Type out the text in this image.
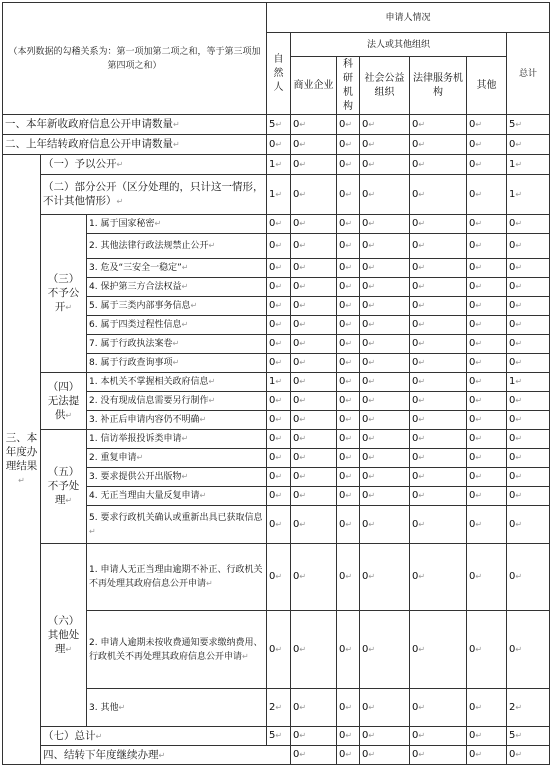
（本列数据的勾稽关系为：第一项加第二项之和，等于第三项加第四项之和）			申请人情况							
			自然人	法人或其他组织					总计	
				商业企业	科研机构	社会公益组织	法律服务机构	其他		
一、本年新收政府信息公开申请数量 ↵			5 ↵	0 ↵	0 ↵	0 ↵	0 ↵	0 ↵	5 ↵
二、上年结转政府信息公开申请数量 ↵			0 ↵	0 ↵	0 ↵	0 ↵	0 ↵	0 ↵	0 ↵
三、本年度办理结果 ↵	（一）予以公开 ↵		1 ↵	0 ↵	0 ↵	0 ↵	0 ↵	0 ↵	1 ↵
	（二）部分公开（区分处理的，只计这一情形，不计其他情形） ↵		1 ↵	0 ↵	0 ↵	0 ↵	0 ↵	0 ↵	1 ↵
	（三）不予公开 ↵	1. 属于国家秘密 ↵	0 ↵	0 ↵	0 ↵	0 ↵	0 ↵	0 ↵	0 ↵
		2. 其他法律行政法规禁止公开 ↵	0 ↵	0 ↵	0 ↵	0 ↵	0 ↵	0 ↵	0 ↵
		3. 危及“三安全一稳定” ↵	0 ↵	0 ↵	0 ↵	0 ↵	0 ↵	0 ↵	0 ↵
		4. 保护第三方合法权益 ↵	0 ↵	0 ↵	0 ↵	0 ↵	0 ↵	0 ↵	0 ↵
		5. 属于三类内部事务信息 ↵	0 ↵	0 ↵	0 ↵	0 ↵	0 ↵	0 ↵	0 ↵
		6. 属于四类过程性信息 ↵	0 ↵	0 ↵	0 ↵	0 ↵	0 ↵	0 ↵	0 ↵
		7. 属于行政执法案卷 ↵	0 ↵	0 ↵	0 ↵	0 ↵	0 ↵	0 ↵	0 ↵
		8. 属于行政查询事项 ↵	0 ↵	0 ↵	0 ↵	0 ↵	0 ↵	0 ↵	0 ↵
	（四）无法提供 ↵	1. 本机关不掌握相关政府信息 ↵	1 ↵	0 ↵	0 ↵	0 ↵	0 ↵	0 ↵	1 ↵
		2. 没有现成信息需要另行制作 ↵	0 ↵	0 ↵	0 ↵	0 ↵	0 ↵	0 ↵	0 ↵
		3. 补正后申请内容仍不明确 ↵	0 ↵	0 ↵	0 ↵	0 ↵	0 ↵	0 ↵	0 ↵
	（五）不予处理 ↵	1. 信访举报投诉类申请 ↵	0 ↵	0 ↵	0 ↵	0 ↵	0 ↵	0 ↵	0 ↵
		2. 重复申请 ↵	0 ↵	0 ↵	0 ↵	0 ↵	0 ↵	0 ↵	0 ↵
		3. 要求提供公开出版物 ↵	0 ↵	0 ↵	0 ↵	0 ↵	0 ↵	0 ↵	0 ↵
		4. 无正当理由大量反复申请 ↵	0 ↵	0 ↵	0 ↵	0 ↵	0 ↵	0 ↵	0 ↵
		5. 要求行政机关确认或重新出具已获取信息 ↵	0 ↵	0 ↵	0 ↵	0 ↵	0 ↵	0 ↵	0 ↵
	（六）其他处理 ↵	1. 申请人无正当理由逾期不补正、行政机关不再处理其政府信息公开申请 ↵	0 ↵	0 ↵	0 ↵	0 ↵	0 ↵	0 ↵	0 ↵
		2. 申请人逾期未按收费通知要求缴纳费用、行政机关不再处理其政府信息公开申请 ↵	0 ↵	0 ↵	0 ↵	0 ↵	0 ↵	0 ↵	0 ↵
		3. 其他 ↵	2 ↵	0 ↵	0 ↵	0 ↵	0 ↵	0 ↵	2 ↵
	（七）总计 ↵		5 ↵	0 ↵	0 ↵	0 ↵	0 ↵	0 ↵	5 ↵
	四、结转下年度继续办理 ↵			0 ↵	0 ↵	0 ↵	0 ↵	0 ↵	0 ↵	
